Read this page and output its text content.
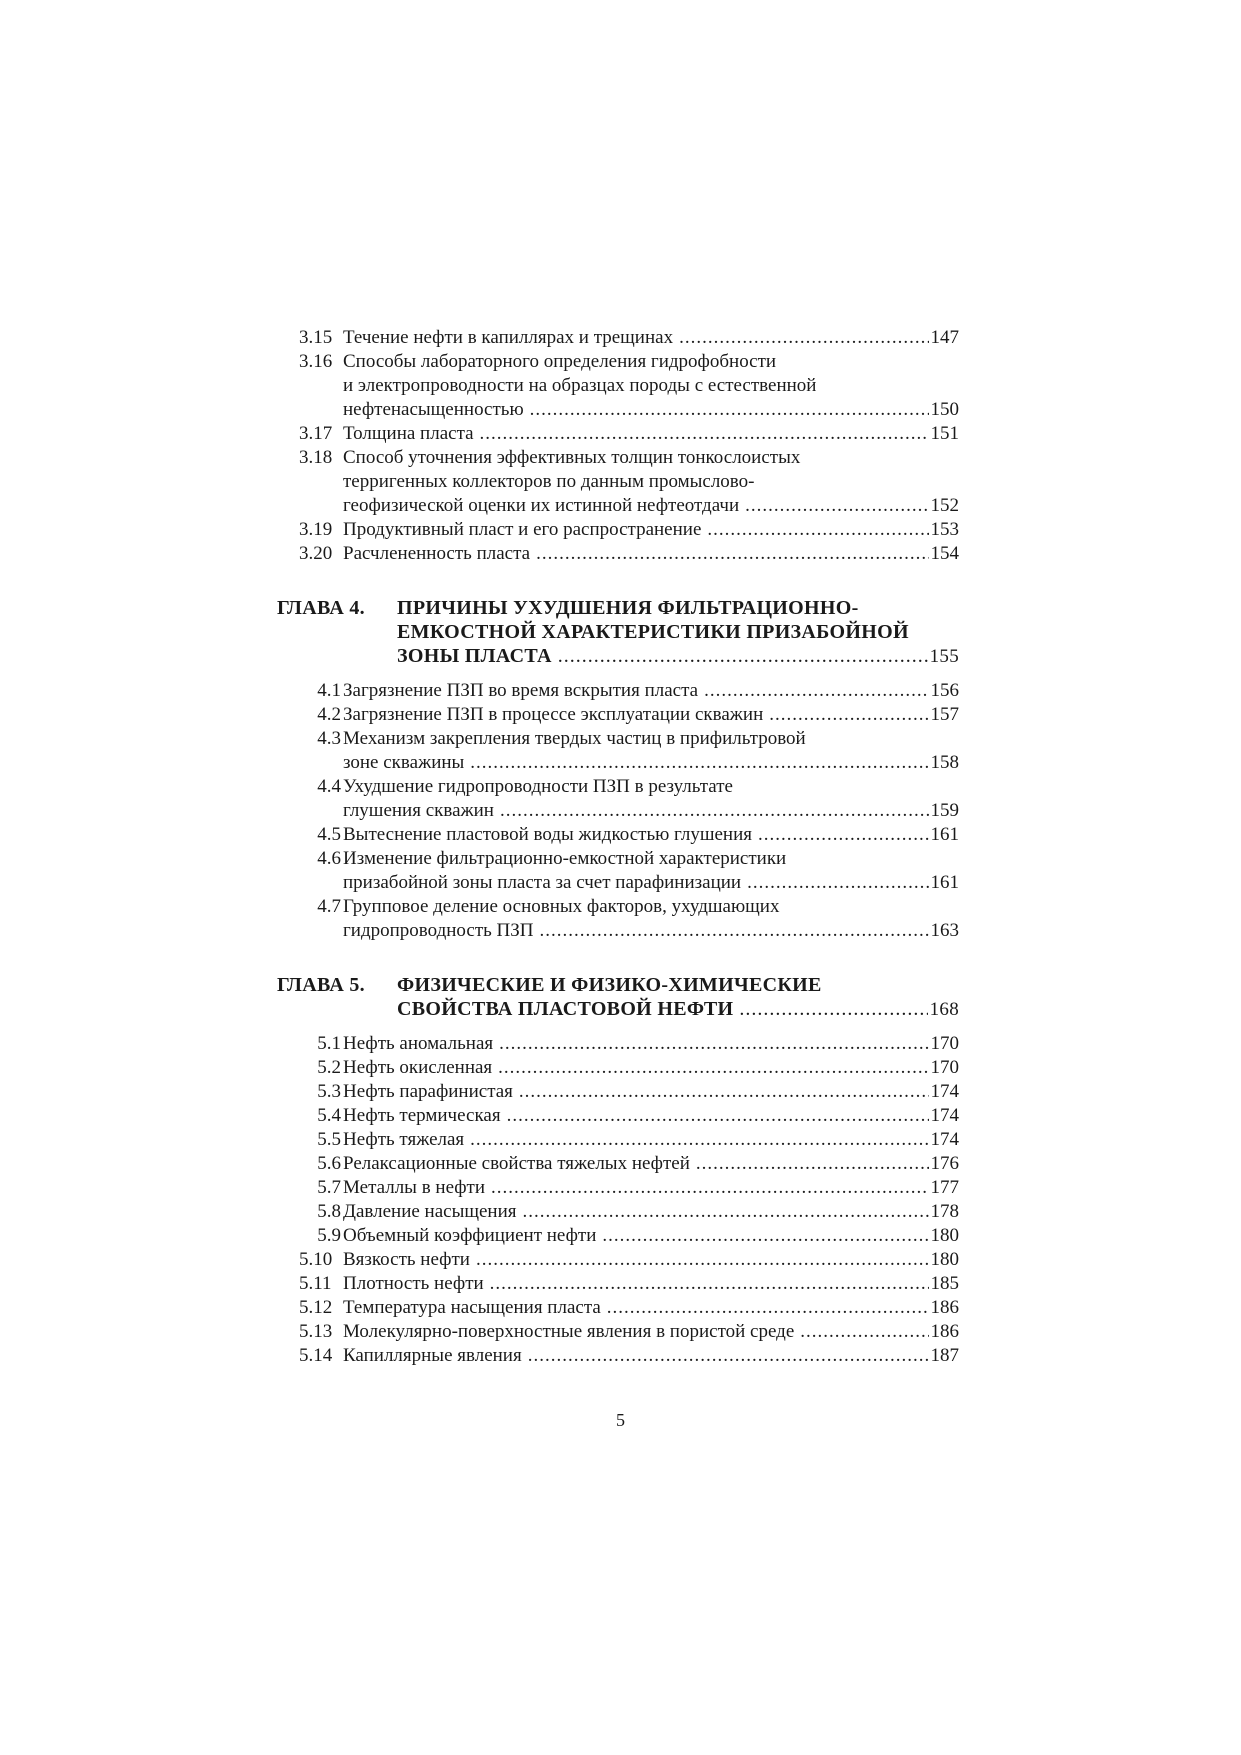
3.15 Течение нефти в капиллярах и трещинах .....	147
3.16 Способы лабораторного определения гидрофобности
и электропроводности на образцах породы с естественной
нефтенасыщенностью .....	150
3.17 Толщина пласта .....	151
3.18 Способ уточнения эффективных толщин тонкослоистых
терригенных коллекторов по данным промыслово-
геофизической оценки их истинной нефтеотдачи .....	152
3.19 Продуктивный пласт и его распространение .....	153
3.20 Расчлененность пласта .....	154
ГЛАВА 4.	ПРИЧИНЫ УХУДШЕНИЯ ФИЛЬТРАЦИОННО-
ЕМКОСТНОЙ ХАРАКТЕРИСТИКИ ПРИЗАБОЙНОЙ
ЗОНЫ ПЛАСТА .....	155
4.1 Загрязнение ПЗП во время вскрытия пласта .....	156
4.2 Загрязнение ПЗП в процессе эксплуатации скважин .....	157
4.3 Механизм закрепления твердых частиц в прифильтровой
зоне скважины .....	158
4.4 Ухудшение гидропроводности ПЗП в результате
глушения скважин .....	159
4.5 Вытеснение пластовой воды жидкостью глушения .....	161
4.6 Изменение фильтрационно-емкостной характеристики
призабойной зоны пласта за счет парафинизации .....	161
4.7 Групповое деление основных факторов, ухудшающих
гидропроводность ПЗП .....	163
ГЛАВА 5.	ФИЗИЧЕСКИЕ И ФИЗИКО-ХИМИЧЕСКИЕ
СВОЙСТВА ПЛАСТОВОЙ НЕФТИ .....	168
5.1 Нефть аномальная .....	170
5.2 Нефть окисленная .....	170
5.3 Нефть парафинистая .....	174
5.4 Нефть термическая .....	174
5.5 Нефть тяжелая .....	174
5.6 Релаксационные свойства тяжелых нефтей .....	176
5.7 Металлы в нефти .....	177
5.8 Давление насыщения .....	178
5.9 Объемный коэффициент нефти .....	180
5.10 Вязкость нефти .....	180
5.11 Плотность нефти .....	185
5.12 Температура насыщения пласта .....	186
5.13 Молекулярно-поверхностные явления в пористой среде .....	186
5.14 Капиллярные явления .....	187
5
